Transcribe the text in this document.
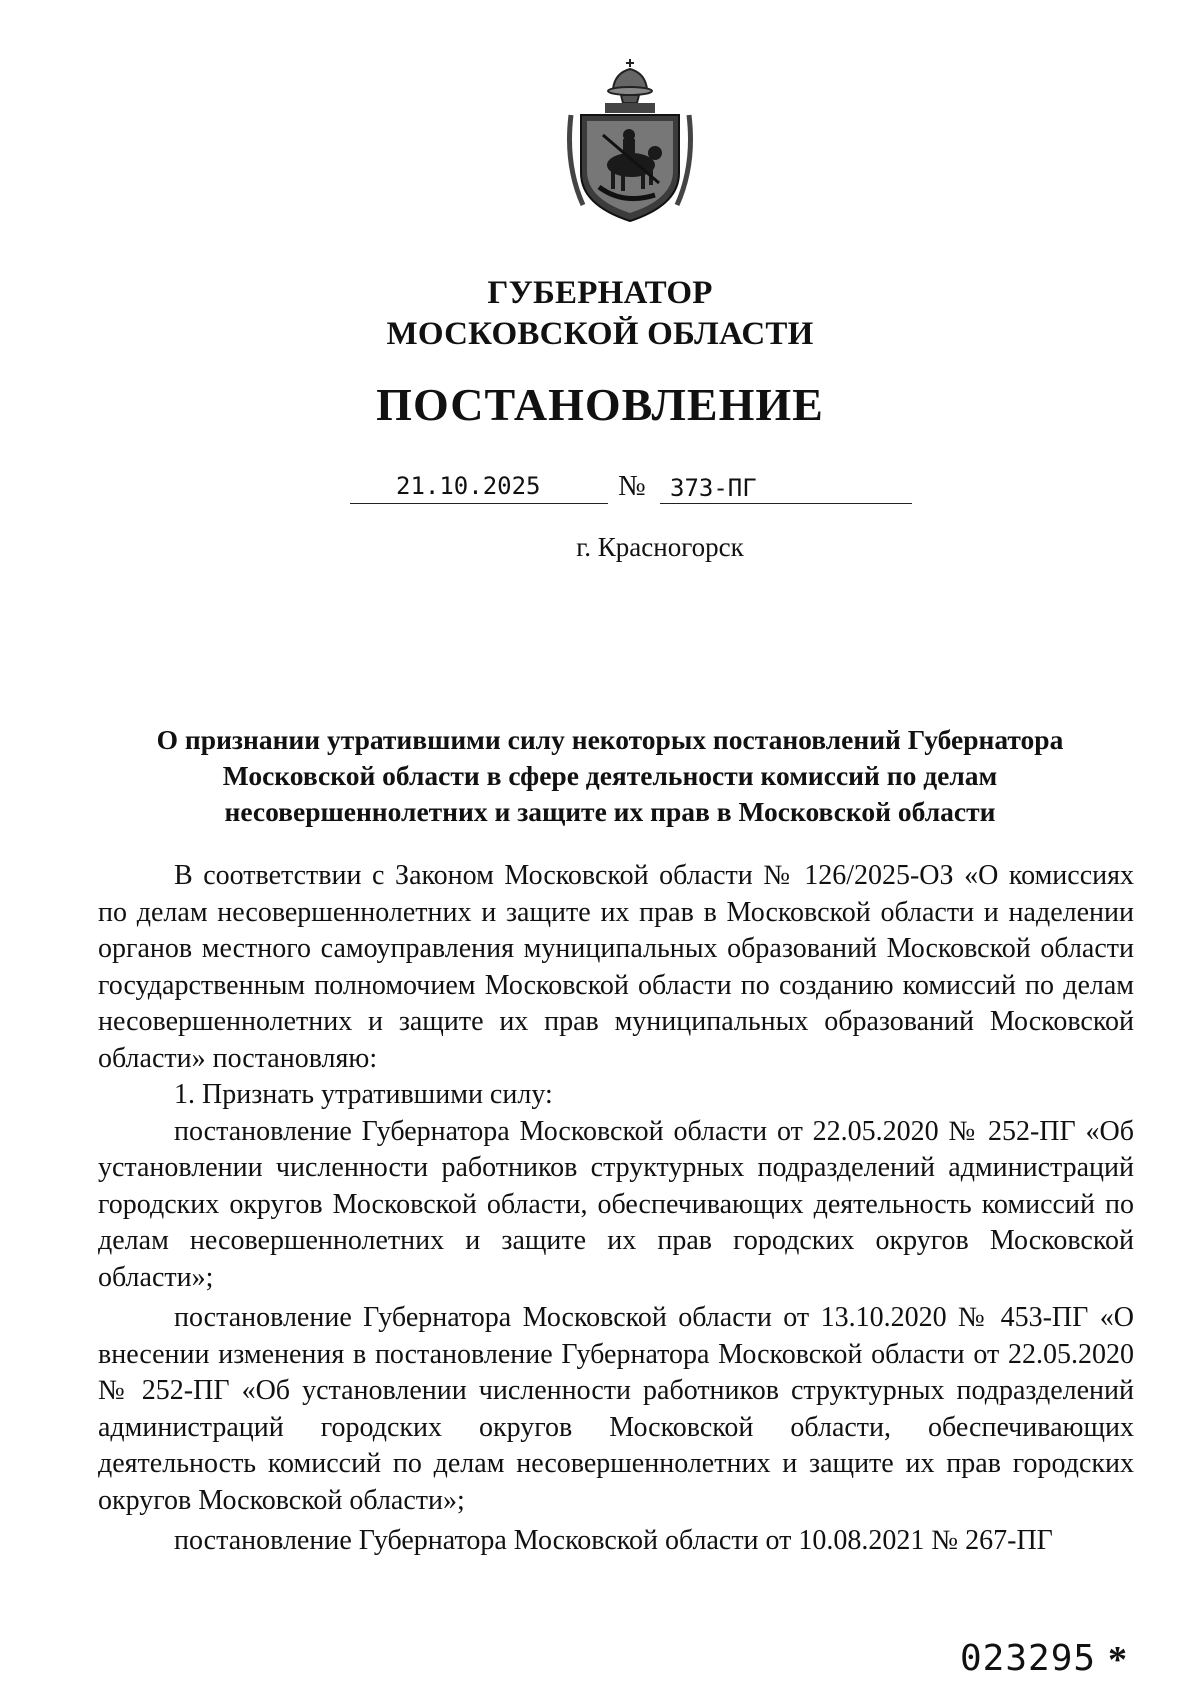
ГУБЕРНАТОР
МОСКОВСКОЙ ОБЛАСТИ
ПОСТАНОВЛЕНИЕ
21.10.2025	№ 373-ПГ
г. Красногорск
О признании утратившими силу некоторых постановлений Губернатора
Московской области в сфере деятельности комиссий по делам
несовершеннолетних и защите их прав в Московской области

В соответствии с Законом Московской области № 126/2025-ОЗ «О комиссиях по делам несовершеннолетних и защите их прав в Московской области и наделении органов местного самоуправления муниципальных образований Московской области государственным полномочием Московской области по созданию комиссий по делам несовершеннолетних и защите их прав муниципальных образований Московской области» постановляю:

1. Признать утратившими силу:

постановление Губернатора Московской области от 22.05.2020 № 252-ПГ «Об установлении численности работников структурных подразделений администраций городских округов Московской области, обеспечивающих деятельность комиссий по делам несовершеннолетних и защите их прав городских округов Московской области»;

постановление Губернатора Московской области от 13.10.2020 № 453-ПГ «О внесении изменения в постановление Губернатора Московской области от 22.05.2020 № 252-ПГ «Об установлении численности работников структурных подразделений администраций городских округов Московской области, обеспечивающих деятельность комиссий по делам несовершеннолетних и защите их прав городских округов Московской области»;

постановление Губернатора Московской области от 10.08.2021 № 267-ПГ

023295 *
